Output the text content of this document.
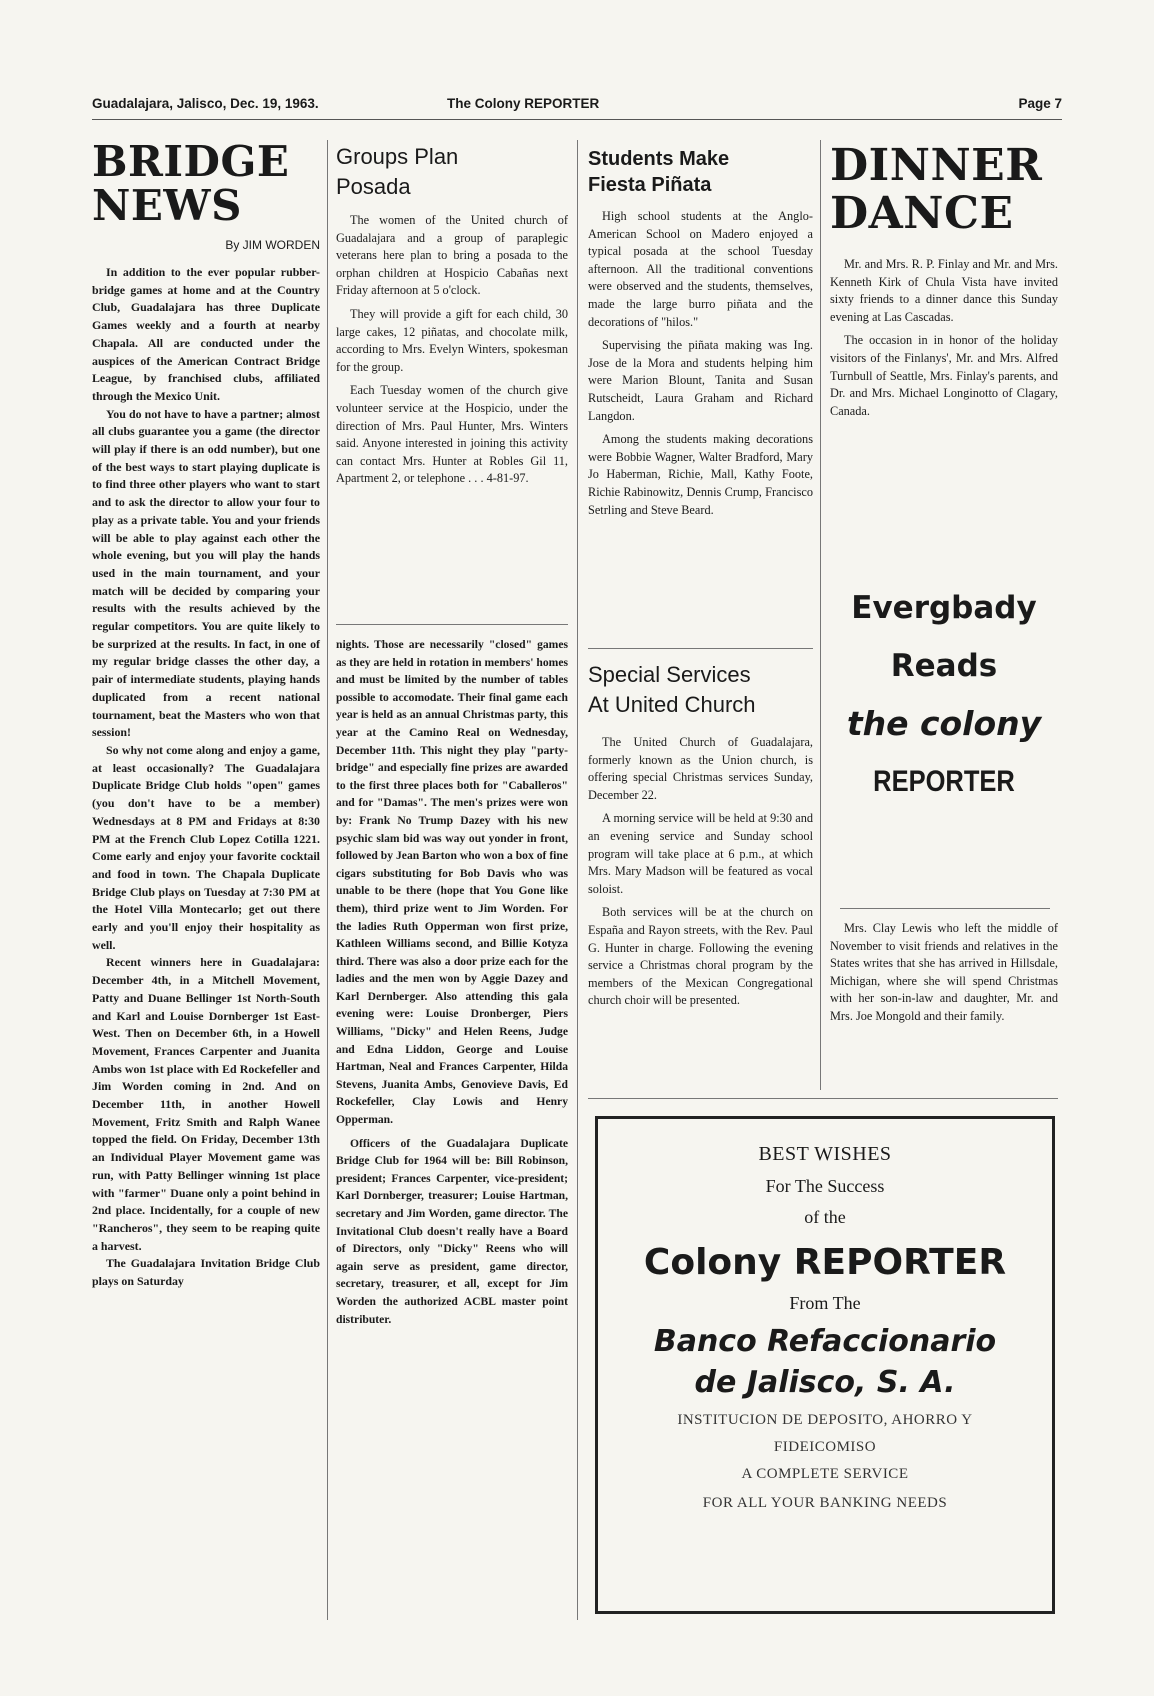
Guadalajara, Jalisco, Dec. 19, 1963.	The Colony REPORTER	Page 7
BRIDGE
NEWS
By JIM WORDEN

In addition to the ever popular rubber-bridge games at home and at the Country Club, Guadalajara has three Duplicate Games weekly and a fourth at nearby Chapala. All are conducted under the auspices of the American Contract Bridge League, by franchised clubs, affiliated through the Mexico Unit.

You do not have to have a partner; almost all clubs guarantee you a game (the director will play if there is an odd number), but one of the best ways to start playing duplicate is to find three other players who want to start and to ask the director to allow your four to play as a private table. You and your friends will be able to play against each other the whole evening, but you will play the hands used in the main tournament, and your match will be decided by comparing your results with the results achieved by the regular competitors. You are quite likely to be surprized at the results. In fact, in one of my regular bridge classes the other day, a pair of intermediate students, playing hands duplicated from a recent national tournament, beat the Masters who won that session!

So why not come along and enjoy a game, at least occasionally? The Guadalajara Duplicate Bridge Club holds "open" games (you don't have to be a member) Wednesdays at 8 PM and Fridays at 8:30 PM at the French Club Lopez Cotilla 1221. Come early and enjoy your favorite cocktail and food in town. The Chapala Duplicate Bridge Club plays on Tuesday at 7:30 PM at the Hotel Villa Montecarlo; get out there early and you'll enjoy their hospitality as well.

Recent winners here in Guadalajara: December 4th, in a Mitchell Movement, Patty and Duane Bellinger 1st North-South and Karl and Louise Dornberger 1st East-West. Then on December 6th, in a Howell Movement, Frances Carpenter and Juanita Ambs won 1st place with Ed Rockefeller and Jim Worden coming in 2nd. And on December 11th, in another Howell Movement, Fritz Smith and Ralph Wanee topped the field. On Friday, December 13th an Individual Player Movement game was run, with Patty Bellinger winning 1st place with "farmer" Duane only a point behind in 2nd place. Incidentally, for a couple of new "Rancheros", they seem to be reaping quite a harvest.

The Guadalajara Invitation Bridge Club plays on Saturday

Groups Plan
Posada

The women of the United church of Guadalajara and a group of paraplegic veterans here plan to bring a posada to the orphan children at Hospicio Cabañas next Friday afternoon at 5 o'clock.

They will provide a gift for each child, 30 large cakes, 12 piñatas, and chocolate milk, according to Mrs. Evelyn Winters, spokesman for the group.

Each Tuesday women of the church give volunteer service at the Hospicio, under the direction of Mrs. Paul Hunter, Mrs. Winters said. Anyone interested in joining this activity can contact Mrs. Hunter at Robles Gil 11, Apartment 2, or telephone . . . 4-81-97.

nights. Those are necessarily "closed" games as they are held in rotation in members' homes and must be limited by the number of tables possible to accomodate. Their final game each year is held as an annual Christmas party, this year at the Camino Real on Wednesday, December 11th. This night they play "party-bridge" and especially fine prizes are awarded to the first three places both for "Caballeros" and for "Damas". The men's prizes were won by: Frank No Trump Dazey with his new psychic slam bid was way out yonder in front, followed by Jean Barton who won a box of fine cigars substituting for Bob Davis who was unable to be there (hope that You Gone like them), third prize went to Jim Worden. For the ladies Ruth Opperman won first prize, Kathleen Williams second, and Billie Kotyza third. There was also a door prize each for the ladies and the men won by Aggie Dazey and Karl Dernberger. Also attending this gala evening were: Louise Dronberger, Piers Williams, "Dicky" and Helen Reens, Judge and Edna Liddon, George and Louise Hartman, Neal and Frances Carpenter, Hilda Stevens, Juanita Ambs, Genovieve Davis, Ed Rockefeller, Clay Lowis and Henry Opperman.

Officers of the Guadalajara Duplicate Bridge Club for 1964 will be: Bill Robinson, president; Frances Carpenter, vice-president; Karl Dornberger, treasurer; Louise Hartman, secretary and Jim Worden, game director. The Invitational Club doesn't really have a Board of Directors, only "Dicky" Reens who will again serve as president, game director, secretary, treasurer, et all, except for Jim Worden the authorized ACBL master point distributer.

Students Make
Fiesta Piñata

High school students at the Anglo-American School on Madero enjoyed a typical posada at the school Tuesday afternoon. All the traditional conventions were observed and the students, themselves, made the large burro piñata and the decorations of "hilos."

Supervising the piñata making was Ing. Jose de la Mora and students helping him were Marion Blount, Tanita and Susan Rutscheidt, Laura Graham and Richard Langdon.

Among the students making decorations were Bobbie Wagner, Walter Bradford, Mary Jo Haberman, Richie, Mall, Kathy Foote, Richie Rabinowitz, Dennis Crump, Francisco Setrling and Steve Beard.

Special Services
At United Church

The United Church of Guadalajara, formerly known as the Union church, is offering special Christmas services Sunday, December 22.

A morning service will be held at 9:30 and an evening service and Sunday school program will take place at 6 p.m., at which Mrs. Mary Madson will be featured as vocal soloist.

Both services will be at the church on España and Rayon streets, with the Rev. Paul G. Hunter in charge. Following the evening service a Christmas choral program by the members of the Mexican Congregational church choir will be presented.

DINNER
DANCE

Mr. and Mrs. R. P. Finlay and Mr. and Mrs. Kenneth Kirk of Chula Vista have invited sixty friends to a dinner dance this Sunday evening at Las Cascadas.

The occasion in in honor of the holiday visitors of the Finlanys', Mr. and Mrs. Alfred Turnbull of Seattle, Mrs. Finlay's parents, and Dr. and Mrs. Michael Longinotto of Clagary, Canada.

Evergbady
Reads
the colony
REPORTER

Mrs. Clay Lewis who left the middle of November to visit friends and relatives in the States writes that she has arrived in Hillsdale, Michigan, where she will spend Christmas with her son-in-law and daughter, Mr. and Mrs. Joe Mongold and their family.

BEST WISHES
For The Success
of the
Colony REPORTER
From The
Banco Refaccionario
de Jalisco, S. A.
INSTITUCION DE DEPOSITO, AHORRO Y
FIDEICOMISO
A COMPLETE SERVICE
FOR ALL YOUR BANKING NEEDS
